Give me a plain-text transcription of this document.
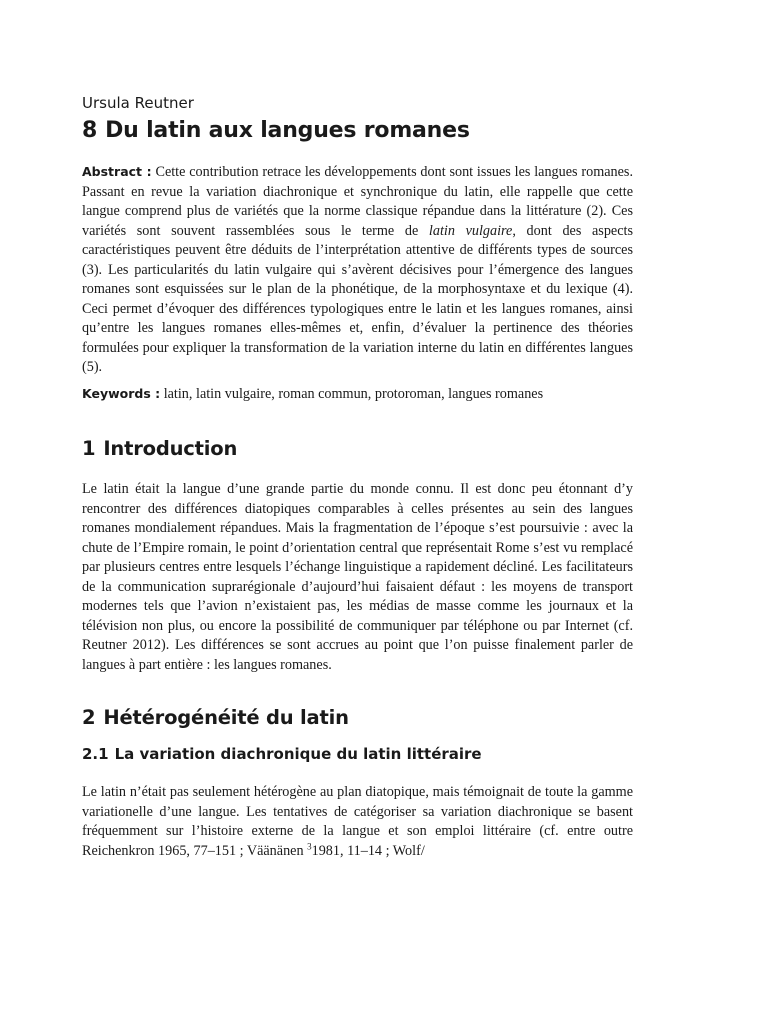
Ursula Reutner

8 Du latin aux langues romanes

Abstract : Cette contribution retrace les développements dont sont issues les langues romanes. Passant en revue la variation diachronique et synchronique du latin, elle rappelle que cette langue comprend plus de variétés que la norme classique répandue dans la littérature (2). Ces variétés sont souvent rassemblées sous le terme de latin vulgaire, dont des aspects caractéristiques peuvent être déduits de l’interprétation attentive de différents types de sources (3). Les particularités du latin vulgaire qui s’avèrent décisives pour l’émergence des langues romanes sont esquissées sur le plan de la phonétique, de la morphosyntaxe et du lexique (4). Ceci permet d’évoquer des différences typologiques entre le latin et les langues romanes, ainsi qu’entre les langues romanes elles-mêmes et, enfin, d’évaluer la pertinence des théories formulées pour expliquer la transformation de la variation interne du latin en différentes langues (5).

Keywords : latin, latin vulgaire, roman commun, protoroman, langues romanes

1 Introduction

Le latin était la langue d’une grande partie du monde connu. Il est donc peu étonnant d’y rencontrer des différences diatopiques comparables à celles présentes au sein des langues romanes mondialement répandues. Mais la fragmentation de l’époque s’est poursuivie : avec la chute de l’Empire romain, le point d’orientation central que représentait Rome s’est vu remplacé par plusieurs centres entre lesquels l’échange linguistique a rapidement décliné. Les facilitateurs de la communication suprarégionale d’aujourd’hui faisaient défaut : les moyens de transport modernes tels que l’avion n’existaient pas, les médias de masse comme les journaux et la télévision non plus, ou encore la possibilité de communiquer par téléphone ou par Internet (cf. Reutner 2012). Les différences se sont accrues au point que l’on puisse finalement parler de langues à part entière : les langues romanes.

2 Hétérogénéité du latin
2.1 La variation diachronique du latin littéraire

Le latin n’était pas seulement hétérogène au plan diatopique, mais témoignait de toute la gamme variationelle d’une langue. Les tentatives de catégoriser sa variation diachronique se basent fréquemment sur l’histoire externe de la langue et son emploi littéraire (cf. entre outre Reichenkron 1965, 77–151 ; Väänänen $^3$1981, 11–14 ; Wolf/
